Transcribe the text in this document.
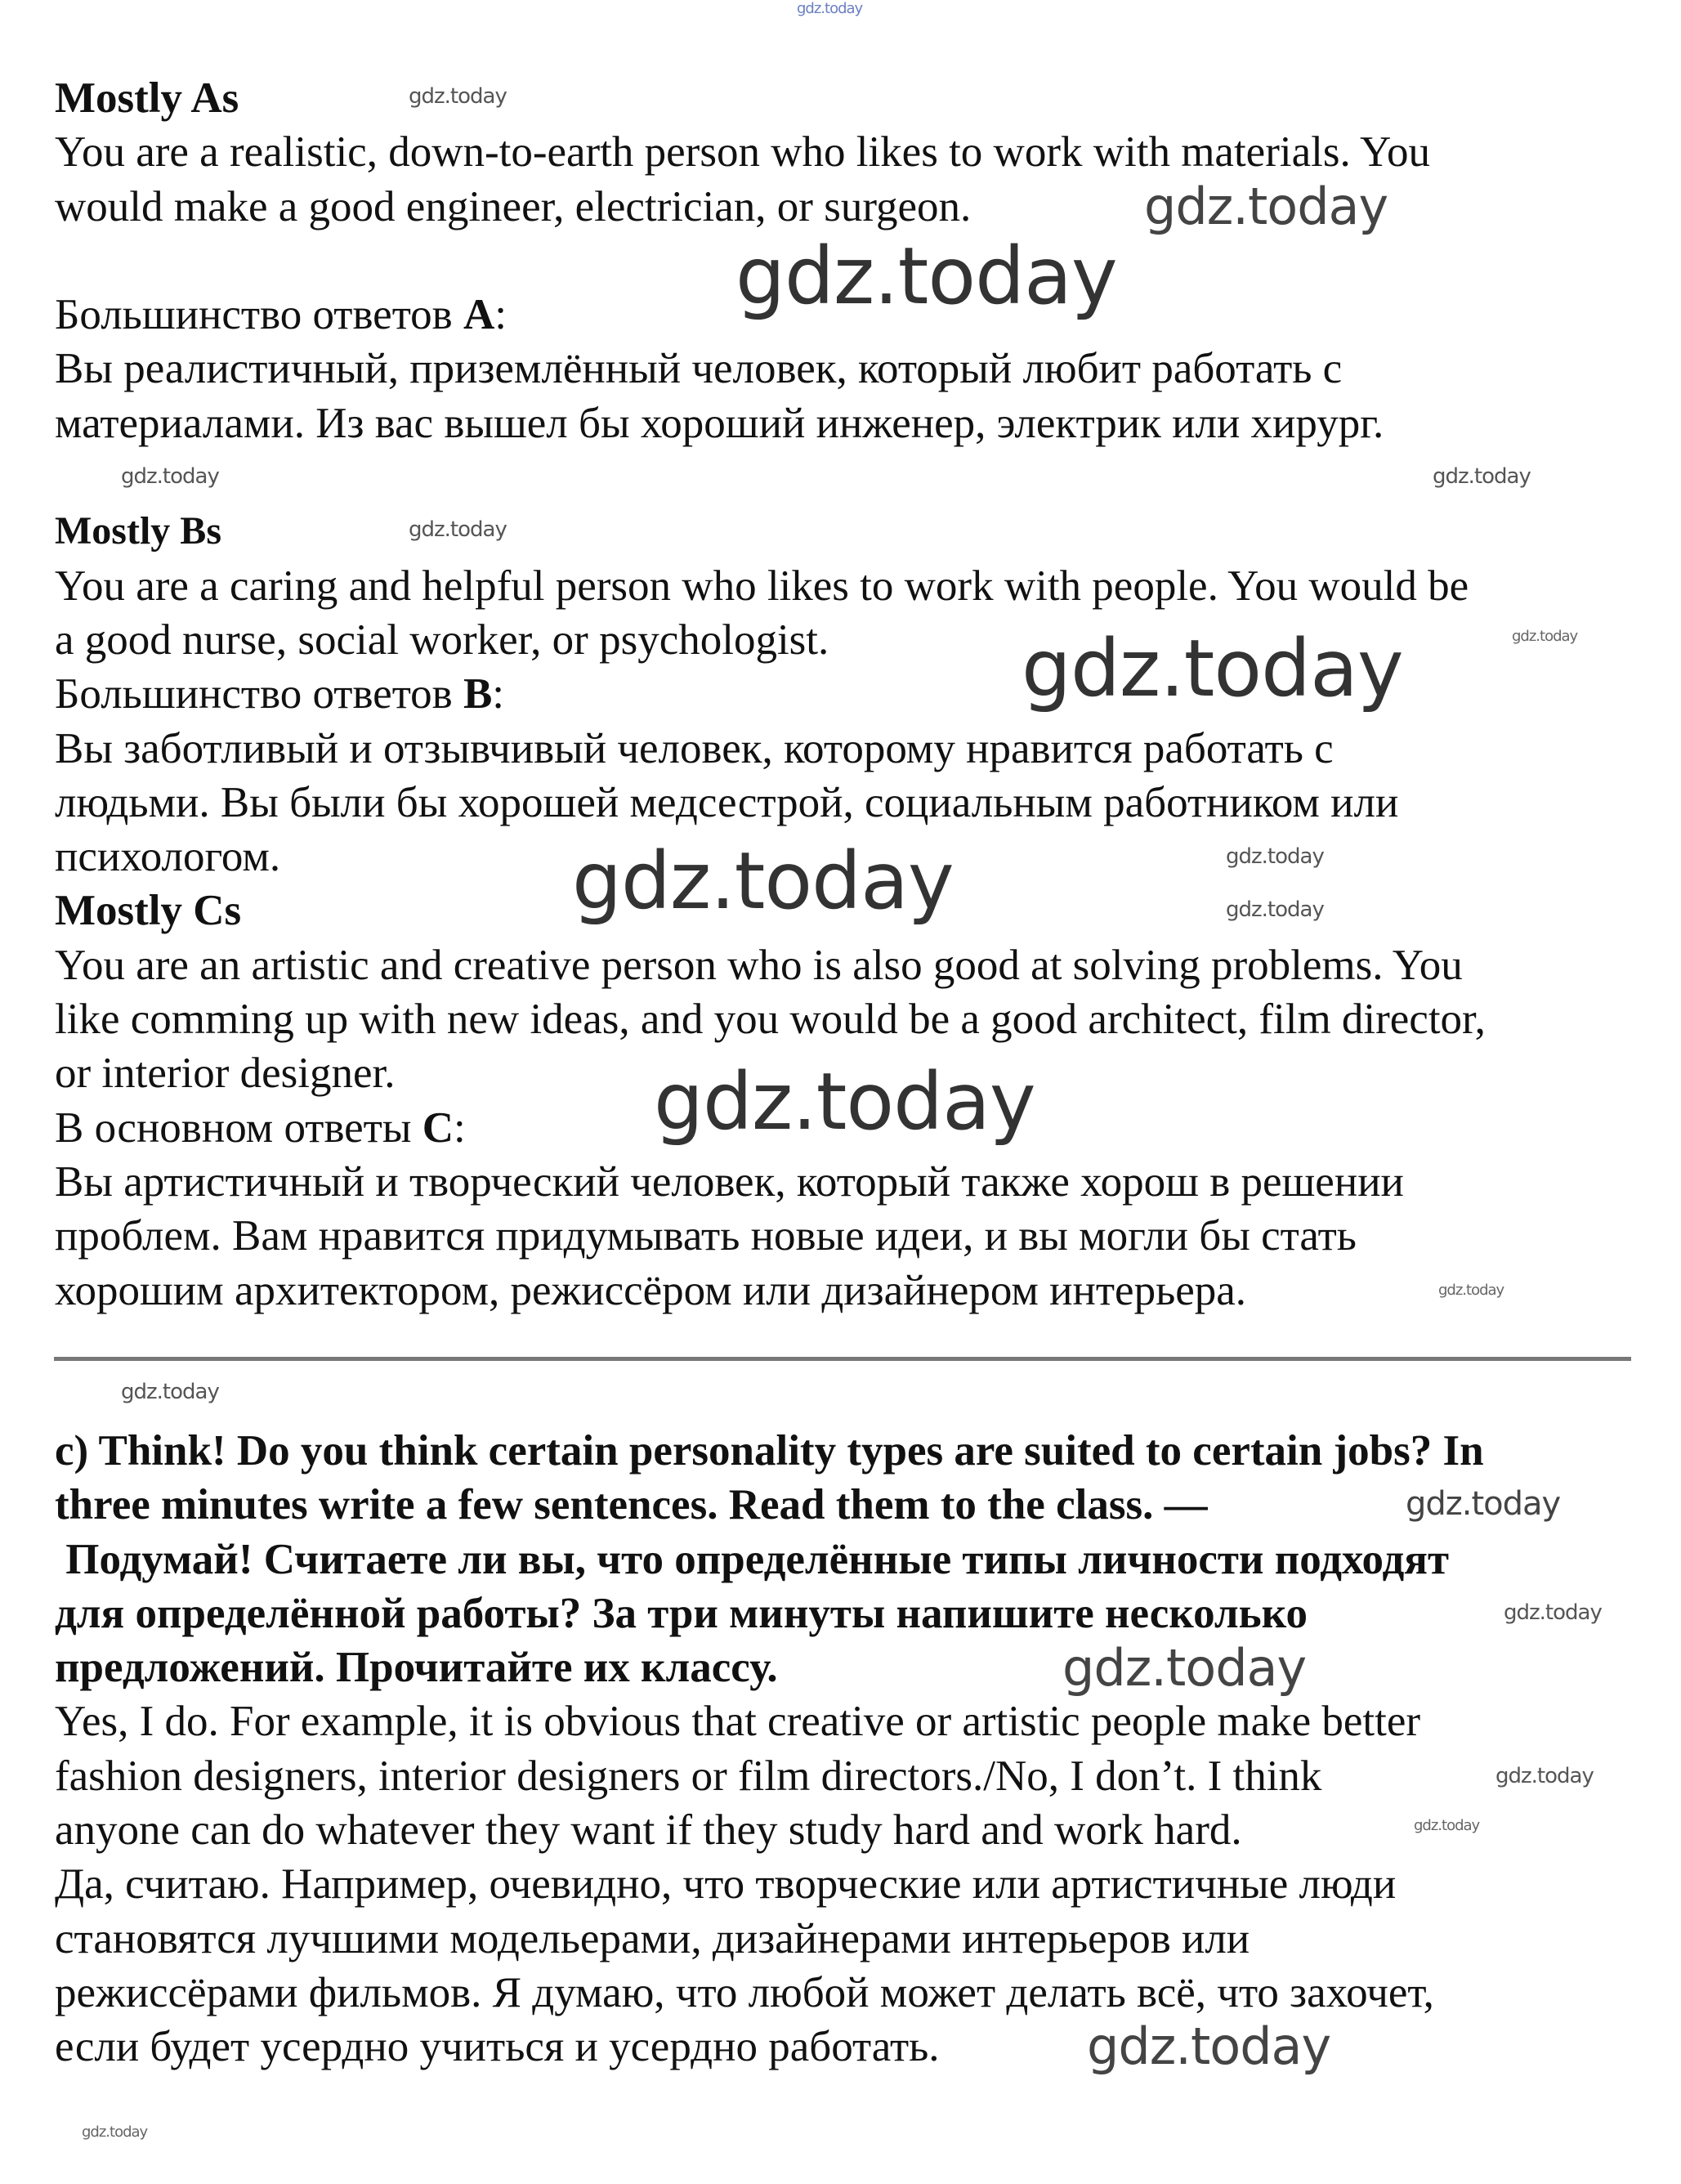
Mostly As
You are a realistic, down-to-earth person who likes to work with materials. You
would make a good engineer, electrician, or surgeon.
Большинство ответов A:
Вы реалистичный, приземлённый человек, который любит работать с
материалами. Из вас вышел бы хороший инженер, электрик или хирург.
Mostly Bs
You are a caring and helpful person who likes to work with people. You would be
a good nurse, social worker, or psychologist.
Большинство ответов B:
Вы заботливый и отзывчивый человек, которому нравится работать с
людьми. Вы были бы хорошей медсестрой, социальным работником или
психологом.
Mostly Cs
You are an artistic and creative person who is also good at solving problems. You
like comming up with new ideas, and you would be a good architect, film director,
or interior designer.
В основном ответы C:
Вы артистичный и творческий человек, который также хорош в решении
проблем. Вам нравится придумывать новые идеи, и вы могли бы стать
хорошим архитектором, режиссёром или дизайнером интерьера.
c) Think! Do you think certain personality types are suited to certain jobs? In
three minutes write a few sentences. Read them to the class. —
Подумай! Считаете ли вы, что определённые типы личности подходят
для определённой работы? За три минуты напишите несколько
предложений. Прочитайте их классу.
Yes, I do. For example, it is obvious that creative or artistic people make better
fashion designers, interior designers or film directors./No, I don’t. I think
anyone can do whatever they want if they study hard and work hard.
Да, считаю. Например, очевидно, что творческие или артистичные люди
становятся лучшими модельерами, дизайнерами интерьеров или
режиссёрами фильмов. Я думаю, что любой может делать всё, что захочет,
если будет усердно учиться и усердно работать.
gdz.today
gdz.today
gdz.today
gdz.today
gdz.today
gdz.today
gdz.today
gdz.today
gdz.today
gdz.today
gdz.today
gdz.today	gdz.today
gdz.today
gdz.today
gdz.today
gdz.today
gdz.today
gdz.today
gdz.today
gdz.today
gdz.today
